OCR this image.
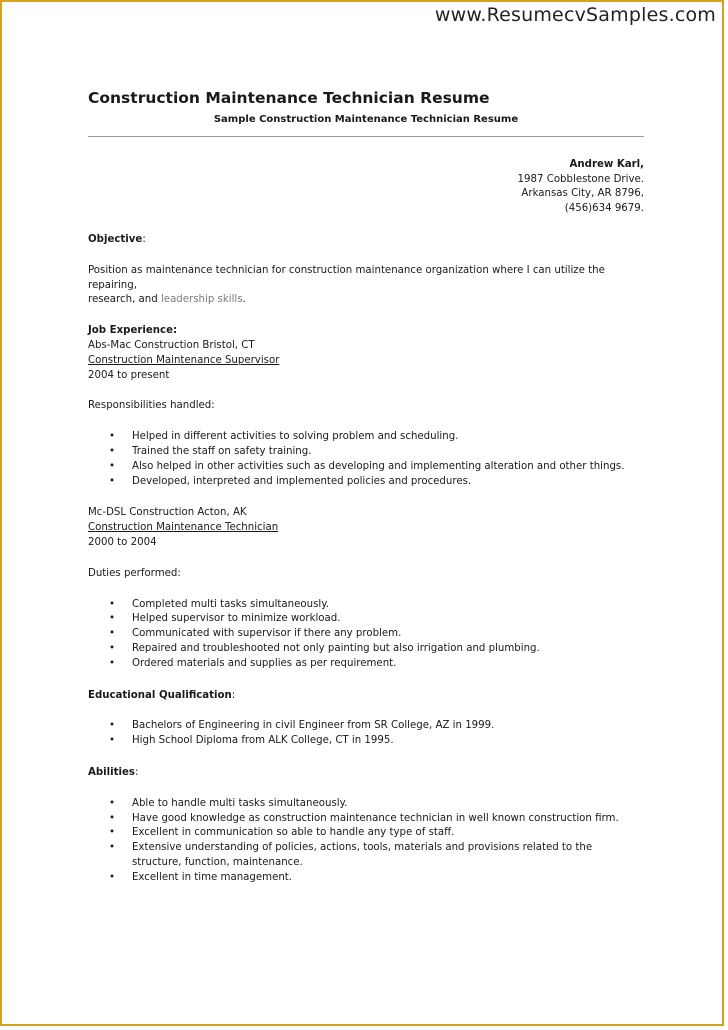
www.ResumecvSamples.com
Construction Maintenance Technician Resume
Sample Construction Maintenance Technician Resume
Andrew Karl,
1987 Cobblestone Drive.
Arkansas City, AR 8796,
(456)634 9679.
Objective:
Position as maintenance technician for construction maintenance organization where I can utilize the repairing,
research, and leadership skills.
Job Experience:
Abs-Mac Construction Bristol, CT
Construction Maintenance Supervisor
2004 to present
Responsibilities handled:
• Helped in different activities to solving problem and scheduling.
• Trained the staff on safety training.
• Also helped in other activities such as developing and implementing alteration and other things.
• Developed, interpreted and implemented policies and procedures.
Mc-DSL Construction Acton, AK
Construction Maintenance Technician
2000 to 2004
Duties performed:
• Completed multi tasks simultaneously.
• Helped supervisor to minimize workload.
• Communicated with supervisor if there any problem.
• Repaired and troubleshooted not only painting but also irrigation and plumbing.
• Ordered materials and supplies as per requirement.
Educational Qualification:
• Bachelors of Engineering in civil Engineer from SR College, AZ in 1999.
• High School Diploma from ALK College, CT in 1995.
Abilities:
• Able to handle multi tasks simultaneously.
• Have good knowledge as construction maintenance technician in well known construction firm.
• Excellent in communication so able to handle any type of staff.
• Extensive understanding of policies, actions, tools, materials and provisions related to the structure, function, maintenance.
• Excellent in time management.
